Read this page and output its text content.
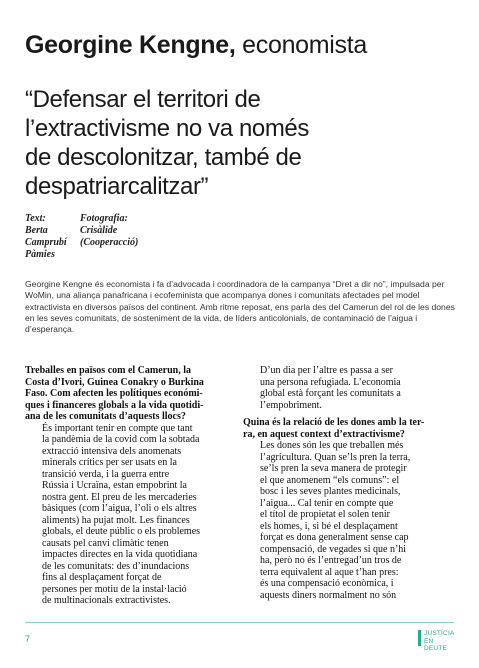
Georgine Kengne, economista
“Defensar el territori de
l’extractivisme no va només
de descolonitzar, també de
despatriarcalitzar”
Text:
Berta
Camprubí
Pàmies
Fotografia:
Crisàlide
(Cooperacció)

Georgine Kengne és economista i fa d’advocada i coordinadora de la campanya “Dret a dir no”, impulsada per WoMin, una aliança panafricana i ecofeminista que acompanya dones i comunitats afectades pel model extractivista en diversos països del continent. Amb ritme reposat, ens parla des del Camerun del rol de les dones en les seves comunitats, de sosteniment de la vida, de líders anticolonials, de contaminació de l’aigua i d’esperança.

Treballes en països com el Camerun, la
Costa d’Ivori, Guinea Conakry o Burkina
Faso. Com afecten les polítiques económi-
ques i financeres globals a la vida quotidi-
ana de les comunitats d’aquests llocs?

És important tenir en compte que tant
la pandèmia de la covid com la sobtada
extracció intensiva dels anomenats
minerals crítics per ser usats en la
transició verda, i la guerra entre
Rússia i Ucraïna, estan empobrint la
nostra gent. El preu de les mercaderies
bàsiques (com l’aigua, l’oli o els altres
aliments) ha pujat molt. Les finances
globals, el deute públic o els problemes
causats pel canvi climàtic tenen
impactes directes en la vida quotidiana
de les comunitats: des d’inundacions
fins al desplaçament forçat de
persones per motiu de la instal·lació
de multinacionals extractivistes.

D’un dia per l’altre es passa a ser
una persona refugiada. L’economia
global està forçant les comunitats a
l’empobriment.

Quina és la relació de les dones amb la ter-
ra, en aquest context d’extractivisme?

Les dones són les que treballen més
l’agricultura. Quan se’ls pren la terra,
se’ls pren la seva manera de protegir
el que anomenem “els comuns”: el
bosc i les seves plantes medicinals,
l’aigua... Cal tenir en compte que
el títol de propietat el solen tenir
els homes, i, si bé el desplaçament
forçat es dona generalment sense cap
compensació, de vegades si que n’hi
ha, però no és l’entregad’un tros de
terra equivalent al aque t’han pres:
és una compensació econòmica, i
aquests diners normalment no són

7
JUSTÍCIA
EN DEUTE
